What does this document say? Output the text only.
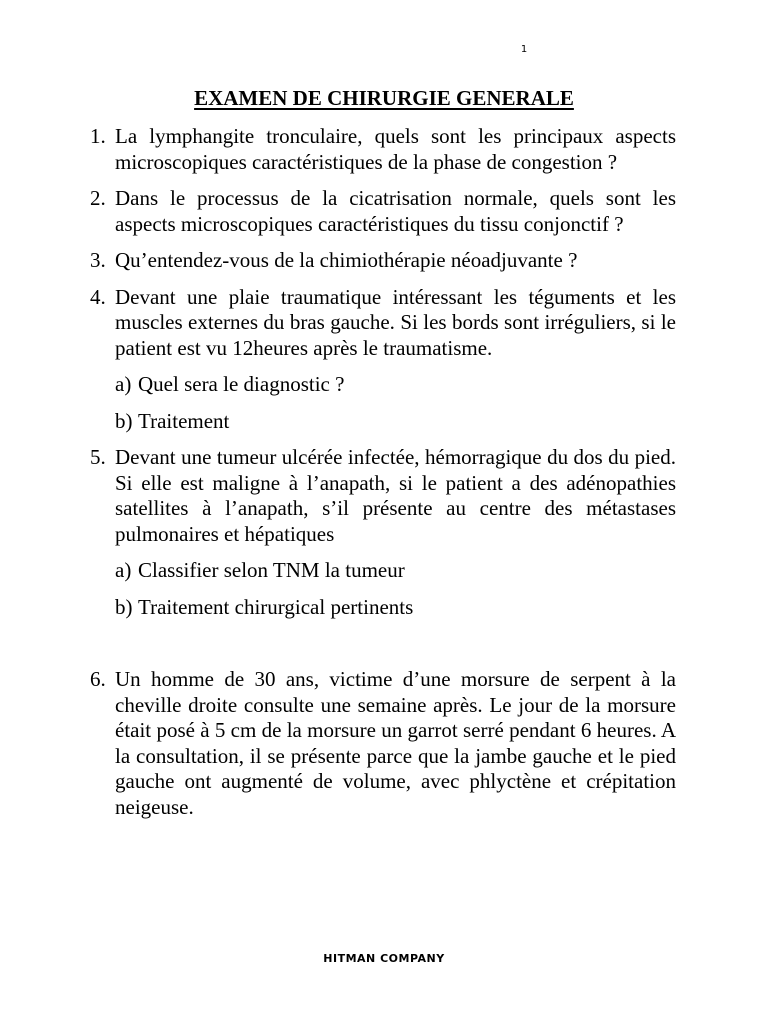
1
EXAMEN DE CHIRURGIE GENERALE
1. La lymphangite tronculaire, quels sont les principaux aspects microscopiques caractéristiques de la phase de congestion ?
2. Dans le processus de la cicatrisation normale, quels sont les aspects microscopiques caractéristiques du tissu conjonctif ?
3. Qu’entendez-vous de la chimiothérapie néoadjuvante ?
4. Devant une plaie traumatique intéressant les téguments et les muscles externes du bras gauche. Si les bords sont irréguliers, si le patient est vu 12heures après le traumatisme.
a) Quel sera le diagnostic ?
b) Traitement
5. Devant une tumeur ulcérée infectée, hémorragique du dos du pied. Si elle est maligne à l’anapath, si le patient a des adénopathies satellites à l’anapath, s’il présente au centre des métastases pulmonaires et hépatiques
a) Classifier selon TNM la tumeur
b) Traitement chirurgical pertinents
6. Un homme de 30 ans, victime d’une morsure de serpent à la cheville droite consulte une semaine après. Le jour de la morsure était posé à 5 cm de la morsure un garrot serré pendant 6 heures. A la consultation, il se présente parce que la jambe gauche et le pied gauche ont augmenté de volume, avec phlyctène et crépitation neigeuse.
HITMAN COMPANY
